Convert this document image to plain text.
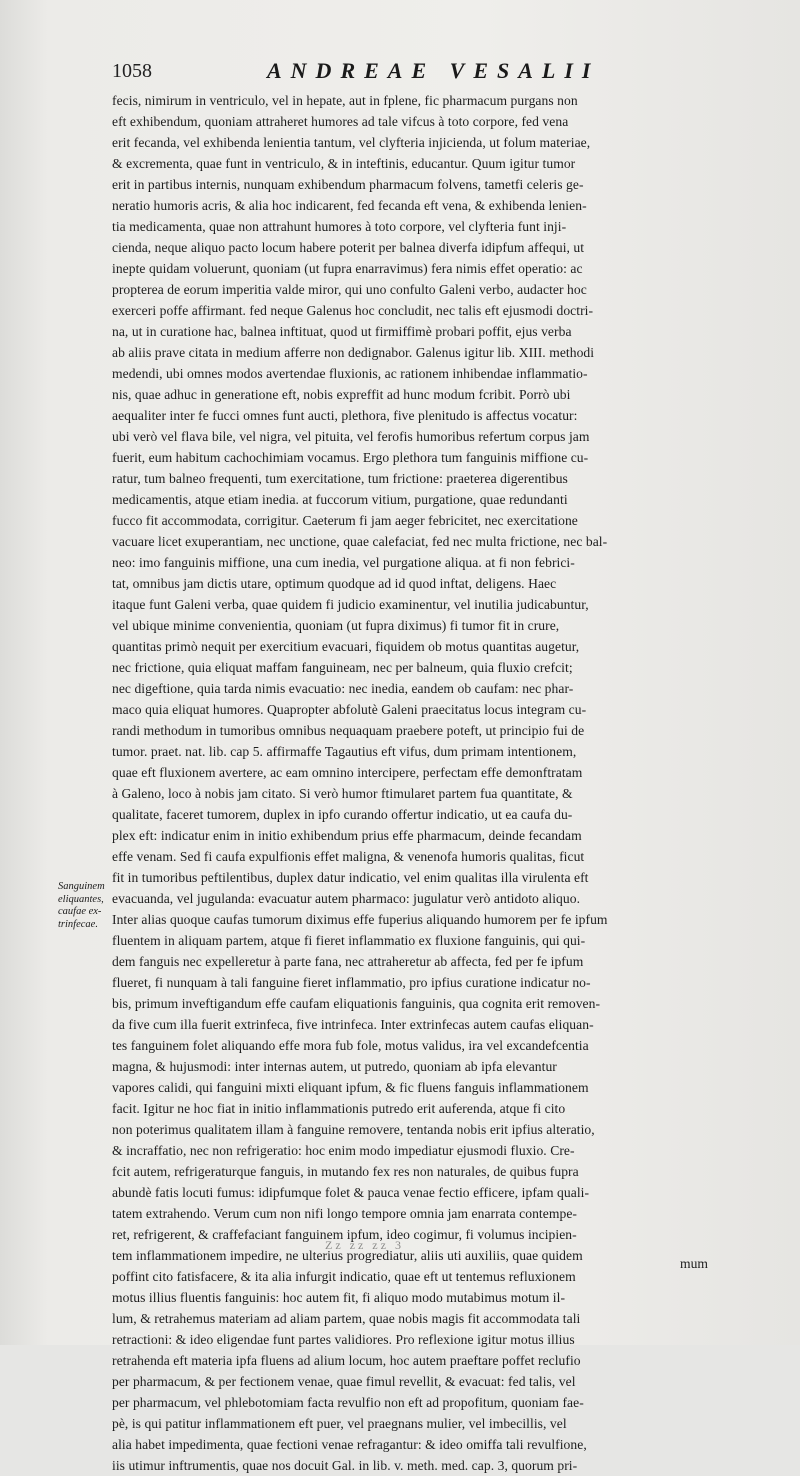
1058	ANDREAE VESALII
fecis, nimirum in ventriculo, vel in hepate, aut in fplene, fic pharmacum purgans non
eft exhibendum, quoniam attraheret humores ad tale vifcus à toto corpore, fed vena
erit fecanda, vel exhibenda lenientia tantum, vel clyfteria injicienda, ut folum materiae,
& excrementa, quae funt in ventriculo, & in inteftinis, educantur. Quum igitur tumor
erit in partibus internis, nunquam exhibendum pharmacum folvens, tametfi celeris ge-
neratio humoris acris, & alia hoc indicarent, fed fecanda eft vena, & exhibenda lenien-
tia medicamenta, quae non attrahunt humores à toto corpore, vel clyfteria funt inji-
cienda, neque aliquo pacto locum habere poterit per balnea diverfa idipfum affequi, ut
inepte quidam voluerunt, quoniam (ut fupra enarravimus) fera nimis effet operatio: ac
propterea de eorum imperitia valde miror, qui uno confulto Galeni verbo, audacter hoc
exerceri poffe affirmant. fed neque Galenus hoc concludit, nec talis eft ejusmodi doctri-
na, ut in curatione hac, balnea inftituat, quod ut firmiffimè probari poffit, ejus verba
ab aliis prave citata in medium afferre non dedignabor. Galenus igitur lib. XIII. methodi
medendi, ubi omnes modos avertendae fluxionis, ac rationem inhibendae inflammatio-
nis, quae adhuc in generatione eft, nobis expreffit ad hunc modum fcribit. Porrò ubi
aequaliter inter fe fucci omnes funt aucti, plethora, five plenitudo is affectus vocatur:
ubi verò vel flava bile, vel nigra, vel pituita, vel ferofis humoribus refertum corpus jam
fuerit, eum habitum cachochimiam vocamus. Ergo plethora tum fanguinis miffione cu-
ratur, tum balneo frequenti, tum exercitatione, tum frictione: praeterea digerentibus
medicamentis, atque etiam inedia. at fuccorum vitium, purgatione, quae redundanti
fucco fit accommodata, corrigitur. Caeterum fi jam aeger febricitet, nec exercitatione
vacuare licet exuperantiam, nec unctione, quae calefaciat, fed nec multa frictione, nec bal-
neo: imo fanguinis miffione, una cum inedia, vel purgatione aliqua. at fi non febrici-
tat, omnibus jam dictis utare, optimum quodque ad id quod inftat, deligens. Haec
itaque funt Galeni verba, quae quidem fi judicio examinentur, vel inutilia judicabuntur,
vel ubique minime convenientia, quoniam (ut fupra diximus) fi tumor fit in crure,
quantitas primò nequit per exercitium evacuari, fiquidem ob motus quantitas augetur,
nec frictione, quia eliquat maffam fanguineam, nec per balneum, quia fluxio crefcit;
nec digeftione, quia tarda nimis evacuatio: nec inedia, eandem ob caufam: nec phar-
maco quia eliquat humores. Quapropter abfolutè Galeni praecitatus locus integram cu-
randi methodum in tumoribus omnibus nequaquam praebere poteft, ut principio fui de
tumor. praet. nat. lib. cap 5. affirmaffe Tagautius eft vifus, dum primam intentionem,
quae eft fluxionem avertere, ac eam omnino intercipere, perfectam effe demonftratam
à Galeno, loco à nobis jam citato. Si verò humor ftimularet partem fua quantitate, &
qualitate, faceret tumorem, duplex in ipfo curando offertur indicatio, ut ea caufa du-
plex eft: indicatur enim in initio exhibendum prius effe pharmacum, deinde fecandam
effe venam. Sed fi caufa expulfionis effet maligna, & venenofa humoris qualitas, ficut
fit in tumoribus peftilentibus, duplex datur indicatio, vel enim qualitas illa virulenta eft
evacuanda, vel jugulanda: evacuatur autem pharmaco: jugulatur verò antidoto aliquo.
Inter alias quoque caufas tumorum diximus effe fuperius aliquando humorem per fe ipfum
fluentem in aliquam partem, atque fi fieret inflammatio ex fluxione fanguinis, qui qui-
dem fanguis nec expelleretur à parte fana, nec attraheretur ab affecta, fed per fe ipfum
flueret, fi nunquam à tali fanguine fieret inflammatio, pro ipfius curatione indicatur no-
bis, primum inveftigandum effe caufam eliquationis fanguinis, qua cognita erit removen-
da five cum illa fuerit extrinfeca, five intrinfeca. Inter extrinfecas autem caufas eliquan-
tes fanguinem folet aliquando effe mora fub fole, motus validus, ira vel excandefcentia
magna, & hujusmodi: inter internas autem, ut putredo, quoniam ab ipfa elevantur
vapores calidi, qui fanguini mixti eliquant ipfum, & fic fluens fanguis inflammationem
facit. Igitur ne hoc fiat in initio inflammationis putredo erit auferenda, atque fi cito
non poterimus qualitatem illam à fanguine removere, tentanda nobis erit ipfius alteratio,
& incraffatio, nec non refrigeratio: hoc enim modo impediatur ejusmodi fluxio. Cre-
fcit autem, refrigeraturque fanguis, in mutando fex res non naturales, de quibus fupra
abundè fatis locuti fumus: idipfumque folet & pauca venae fectio efficere, ipfam quali-
tatem extrahendo. Verum cum non nifi longo tempore omnia jam enarrata contempe-
ret, refrigerent, & craffefaciant fanguinem ipfum, ideo cogimur, fi volumus incipien-
tem inflammationem impedire, ne ulterius progrediatur, aliis uti auxiliis, quae quidem
poffint cito fatisfacere, & ita alia infurgit indicatio, quae eft ut tentemus refluxionem
motus illius fluentis fanguinis: hoc autem fit, fi aliquo modo mutabimus motum il-
lum, & retrahemus materiam ad aliam partem, quae nobis magis fit accommodata tali
retractioni: & ideo eligendae funt partes validiores. Pro reflexione igitur motus illius
retrahenda eft materia ipfa fluens ad alium locum, hoc autem praeftare poffet reclufio
per pharmacum, & per fectionem venae, quae fimul revellit, & evacuat: fed talis, vel
per pharmacum, vel phlebotomiam facta revulfio non eft ad propofitum, quoniam fae-
pè, is qui patitur inflammationem eft puer, vel praegnans mulier, vel imbecillis, vel
alia habet impedimenta, quae fectioni venae refragantur: & ideo omiffa tali revulfione,
iis utimur inftrumentis, quae nos docuit Gal. in lib. v. meth. med. cap. 3, quorum pri-
Sanguinem
eliquantes,
caufae ex-
trinfecae.
Zz zz zz 3
mum
